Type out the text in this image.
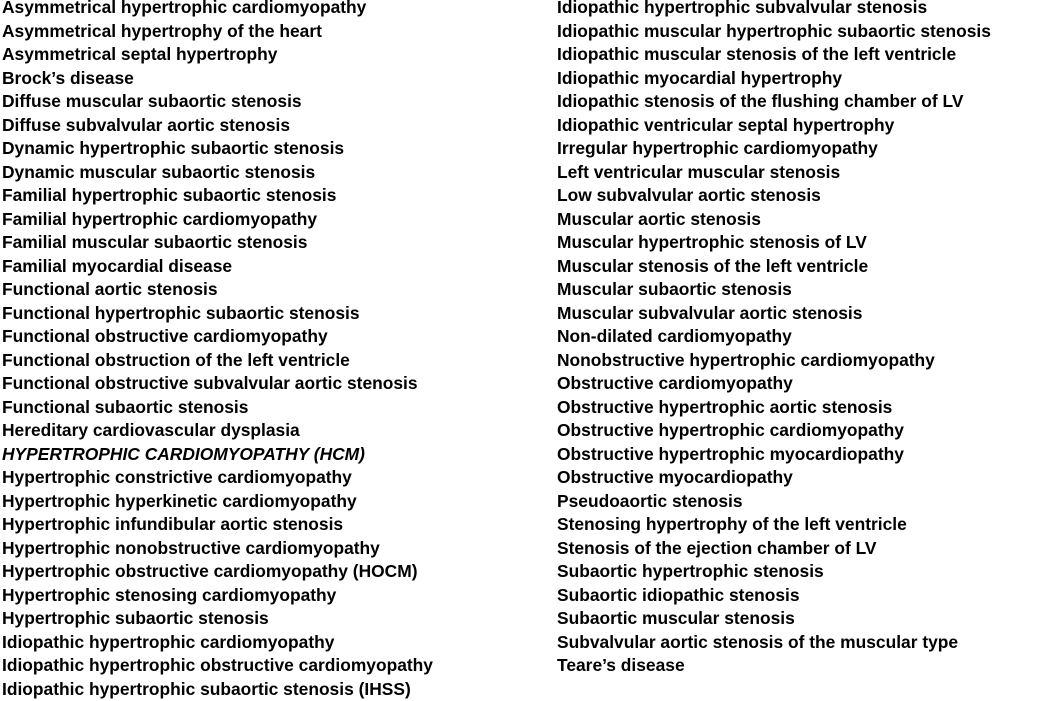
Asymmetrical hypertrophic cardiomyopathy
Asymmetrical hypertrophy of the heart
Asymmetrical septal hypertrophy
Brock’s disease
Diffuse muscular subaortic stenosis
Diffuse subvalvular aortic stenosis
Dynamic hypertrophic subaortic stenosis
Dynamic muscular subaortic stenosis
Familial hypertrophic subaortic stenosis
Familial hypertrophic cardiomyopathy
Familial muscular subaortic stenosis
Familial myocardial disease
Functional aortic stenosis
Functional hypertrophic subaortic stenosis
Functional obstructive cardiomyopathy
Functional obstruction of the left ventricle
Functional obstructive subvalvular aortic stenosis
Functional subaortic stenosis
Hereditary cardiovascular dysplasia
HYPERTROPHIC CARDIOMYOPATHY (HCM)
Hypertrophic constrictive cardiomyopathy
Hypertrophic hyperkinetic cardiomyopathy
Hypertrophic infundibular aortic stenosis
Hypertrophic nonobstructive cardiomyopathy
Hypertrophic obstructive cardiomyopathy (HOCM)
Hypertrophic stenosing cardiomyopathy
Hypertrophic subaortic stenosis
Idiopathic hypertrophic cardiomyopathy
Idiopathic hypertrophic obstructive cardiomyopathy
Idiopathic hypertrophic subaortic stenosis (IHSS)
Idiopathic hypertrophic subvalvular stenosis
Idiopathic muscular hypertrophic subaortic stenosis
Idiopathic muscular stenosis of the left ventricle
Idiopathic myocardial hypertrophy
Idiopathic stenosis of the flushing chamber of LV
Idiopathic ventricular septal hypertrophy
Irregular hypertrophic cardiomyopathy
Left ventricular muscular stenosis
Low subvalvular aortic stenosis
Muscular aortic stenosis
Muscular hypertrophic stenosis of LV
Muscular stenosis of the left ventricle
Muscular subaortic stenosis
Muscular subvalvular aortic stenosis
Non-dilated cardiomyopathy
Nonobstructive hypertrophic cardiomyopathy
Obstructive cardiomyopathy
Obstructive hypertrophic aortic stenosis
Obstructive hypertrophic cardiomyopathy
Obstructive hypertrophic myocardiopathy
Obstructive myocardiopathy
Pseudoaortic stenosis
Stenosing hypertrophy of the left ventricle
Stenosis of the ejection chamber of LV
Subaortic hypertrophic stenosis
Subaortic idiopathic stenosis
Subaortic muscular stenosis
Subvalvular aortic stenosis of the muscular type
Teare’s disease
